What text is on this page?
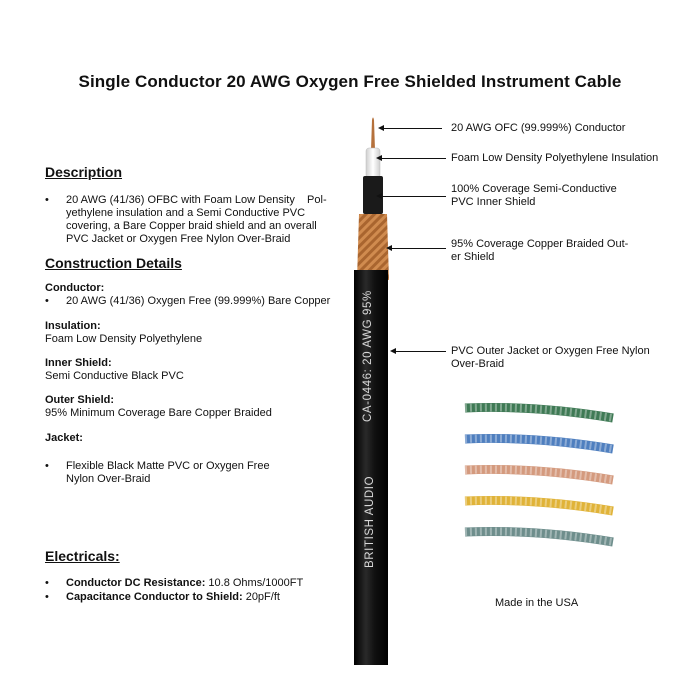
Single Conductor 20 AWG Oxygen Free Shielded Instrument Cable
Description
• 20 AWG (41/36) OFBC with Foam Low Density    Pol-
yethylene insulation and a Semi Conductive PVC
covering, a Bare Copper braid shield and an overall
PVC Jacket or Oxygen Free Nylon Over-Braid
Construction Details
Conductor:
• 20 AWG (41/36) Oxygen Free (99.999%) Bare Copper
Insulation:
Foam Low Density Polyethylene
Inner Shield:
Semi Conductive Black PVC
Outer Shield:
95% Minimum Coverage Bare Copper Braided
Jacket:
• Flexible Black Matte PVC or Oxygen Free
Nylon Over-Braid
Electricals:
• Conductor DC Resistance: 10.8 Ohms/1000FT
• Capacitance Conductor to Shield: 20pF/ft
CA-0446: 20 AWG 95%
BRITISH AUDIO
20 AWG OFC (99.999%) Conductor
Foam Low Density Polyethylene Insulation
100% Coverage Semi-Conductive
PVC Inner Shield
95% Coverage Copper Braided Out-
er Shield
PVC Outer Jacket or Oxygen Free Nylon
Over-Braid
Made in the USA
